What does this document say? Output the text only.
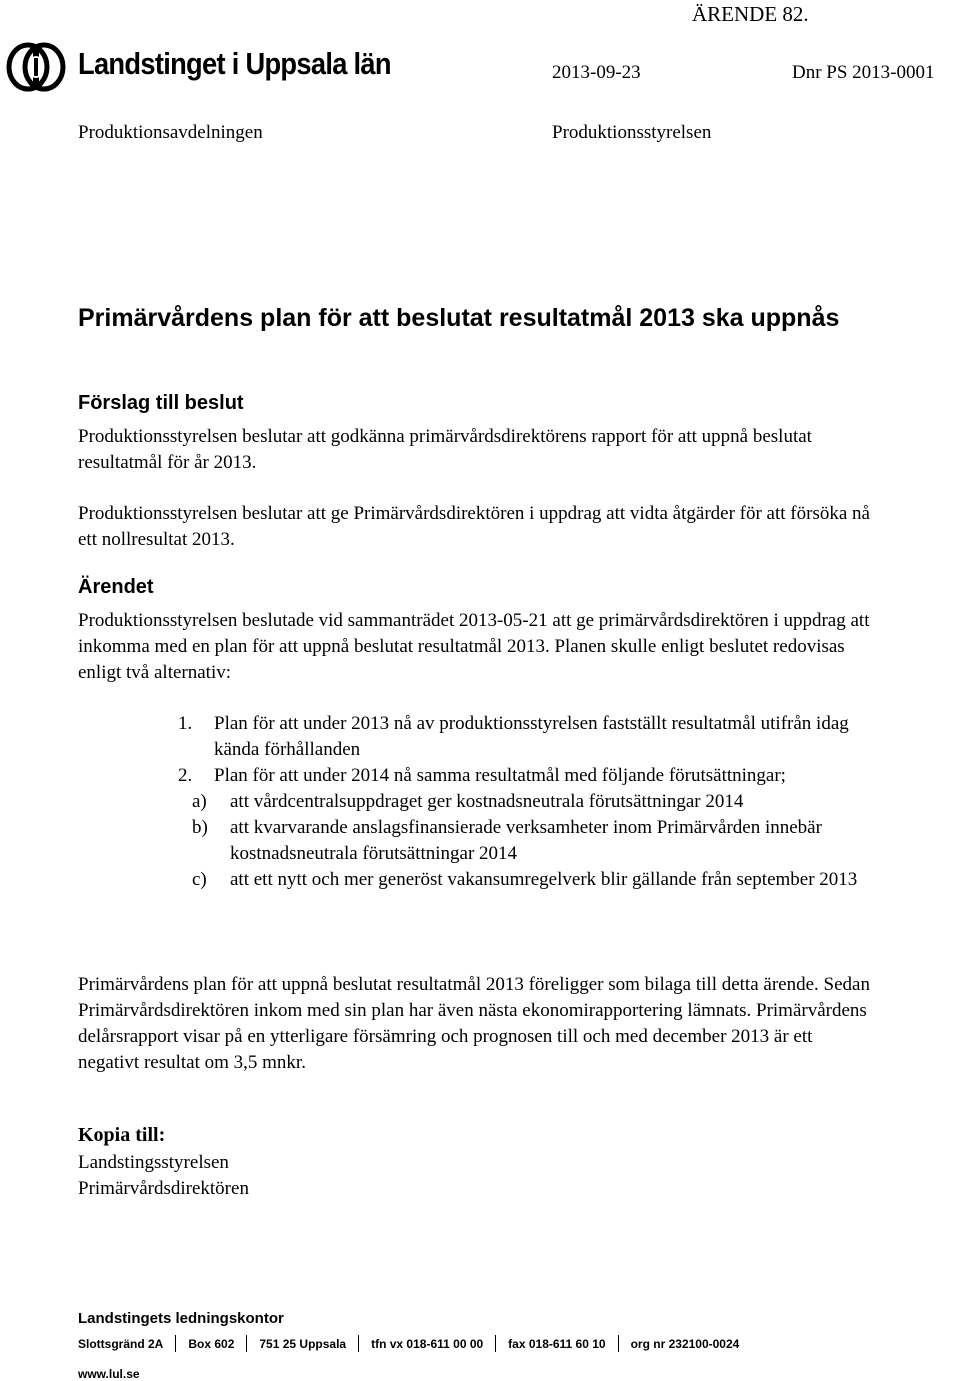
ÄRENDE 82.
Landstinget i Uppsala län	2013-09-23	Dnr PS 2013-0001
Produktionsavdelningen	Produktionsstyrelsen
Primärvårdens plan för att beslutat resultatmål 2013 ska uppnås
Förslag till beslut

Produktionsstyrelsen beslutar att godkänna primärvårdsdirektörens rapport för att uppnå beslutat resultatmål för år 2013.

Produktionsstyrelsen beslutar att ge Primärvårdsdirektören i uppdrag att vidta åtgärder för att försöka nå ett nollresultat 2013.

Ärendet

Produktionsstyrelsen beslutade vid sammanträdet 2013-05-21 att ge primärvårdsdirektören i uppdrag att inkomma med en plan för att uppnå beslutat resultatmål 2013. Planen skulle enligt beslutet redovisas enligt två alternativ:

1. Plan för att under 2013 nå av produktionsstyrelsen fastställt resultatmål utifrån idag kända förhållanden
2. Plan för att under 2014 nå samma resultatmål med följande förutsättningar;
a) att vårdcentralsuppdraget ger kostnadsneutrala förutsättningar 2014
b) att kvarvarande anslagsfinansierade verksamheter inom Primärvården innebär kostnadsneutrala förutsättningar 2014
c) att ett nytt och mer generöst vakansumregelverk blir gällande från september 2013

Primärvårdens plan för att uppnå beslutat resultatmål 2013 föreligger som bilaga till detta ärende. Sedan Primärvårdsdirektören inkom med sin plan har även nästa ekonomirapportering lämnats. Primärvårdens delårsrapport visar på en ytterligare försämring och prognosen till och med december 2013 är ett negativt resultat om 3,5 mnkr.

Kopia till:
Landstingsstyrelsen
Primärvårdsdirektören
Landstingets ledningskontor
Slottsgränd 2A Box 602 751 25 Uppsala tfn vx 018-611 00 00 fax 018-611 60 10 org nr 232100-0024
www.lul.se
